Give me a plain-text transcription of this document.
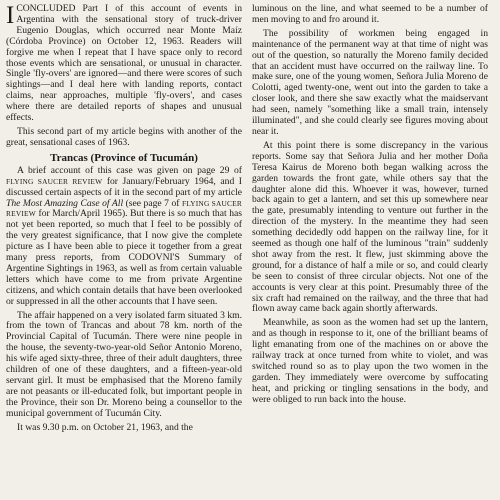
ICONCLUDED Part I of this account of events in Argentina with the sensational story of truck-driver Eugenio Douglas, which occurred near Monte Maíz (Córdoba Province) on October 12, 1963. Readers will forgive me when I repeat that I have space only to record those events which are sensational, or unusual in character. Single 'fly-overs' are ignored—and there were scores of such sightings—and I deal here with landing reports, contact claims, near approaches, multiple 'fly-overs', and cases where there are detailed reports of shapes and unusual effects.

This second part of my article begins with another of the great, sensational cases of 1963.

Trancas (Province of Tucumán)

A brief account of this case was given on page 29 of FLYING SAUCER REVIEW for January/February 1964, and I discussed certain aspects of it in the second part of my article The Most Amazing Case of All (see page 7 of FLYING SAUCER REVIEW for March/April 1965). But there is so much that has not yet been reported, so much that I feel to be possibly of the very greatest significance, that I now give the complete picture as I have been able to piece it together from a great many press reports, from CODOVNI'S Summary of Argentine Sightings in 1963, as well as from certain valuable letters which have come to me from private Argentine citizens, and which contain details that have been overlooked or suppressed in all the other accounts that I have seen.

The affair happened on a very isolated farm situated 3 km. from the town of Trancas and about 78 km. north of the Provincial Capital of Tucumán. There were nine people in the house, the seventy-two-year-old Señor Antonio Moreno, his wife aged sixty-three, three of their adult daughters, three children of one of these daughters, and a fifteen-year-old servant girl. It must be emphasised that the Moreno family are not peasants or ill-educated folk, but important people in the Province, their son Dr. Moreno being a counsellor to the municipal government of Tucumán City.

It was 9.30 p.m. on October 21, 1963, and the

luminous on the line, and what seemed to be a number of men moving to and fro around it.

The possibility of workmen being engaged in maintenance of the permanent way at that time of night was out of the question, so naturally the Moreno family decided that an accident must have occurred on the railway line. To make sure, one of the young women, Señora Julia Moreno de Colotti, aged twenty-one, went out into the garden to take a closer look, and there she saw exactly what the maidservant had seen, namely "something like a small train, intensely illuminated", and she could clearly see figures moving about near it.

At this point there is some discrepancy in the various reports. Some say that Señora Julia and her mother Doña Teresa Kairus de Moreno both began walking across the garden towards the front gate, while others say that the daughter alone did this. Whoever it was, however, turned back again to get a lantern, and set this up somewhere near the gate, presumably intending to venture out further in the direction of the mystery. In the meantime they had seen something decidedly odd happen on the railway line, for it seemed as though one half of the luminous "train" suddenly shot away from the rest. It flew, just skimming above the ground, for a distance of half a mile or so, and could clearly be seen to consist of three circular objects. Not one of the accounts is very clear at this point. Presumably three of the six craft had remained on the railway, and the three that had flown away came back again shortly afterwards.

Meanwhile, as soon as the women had set up the lantern, and as though in response to it, one of the brilliant beams of light emanating from one of the machines on or above the railway track at once turned from white to violet, and was switched round so as to play upon the two women in the garden. They immediately were overcome by suffocating heat, and pricking or tingling sensations in the body, and were obliged to run back into the house.
